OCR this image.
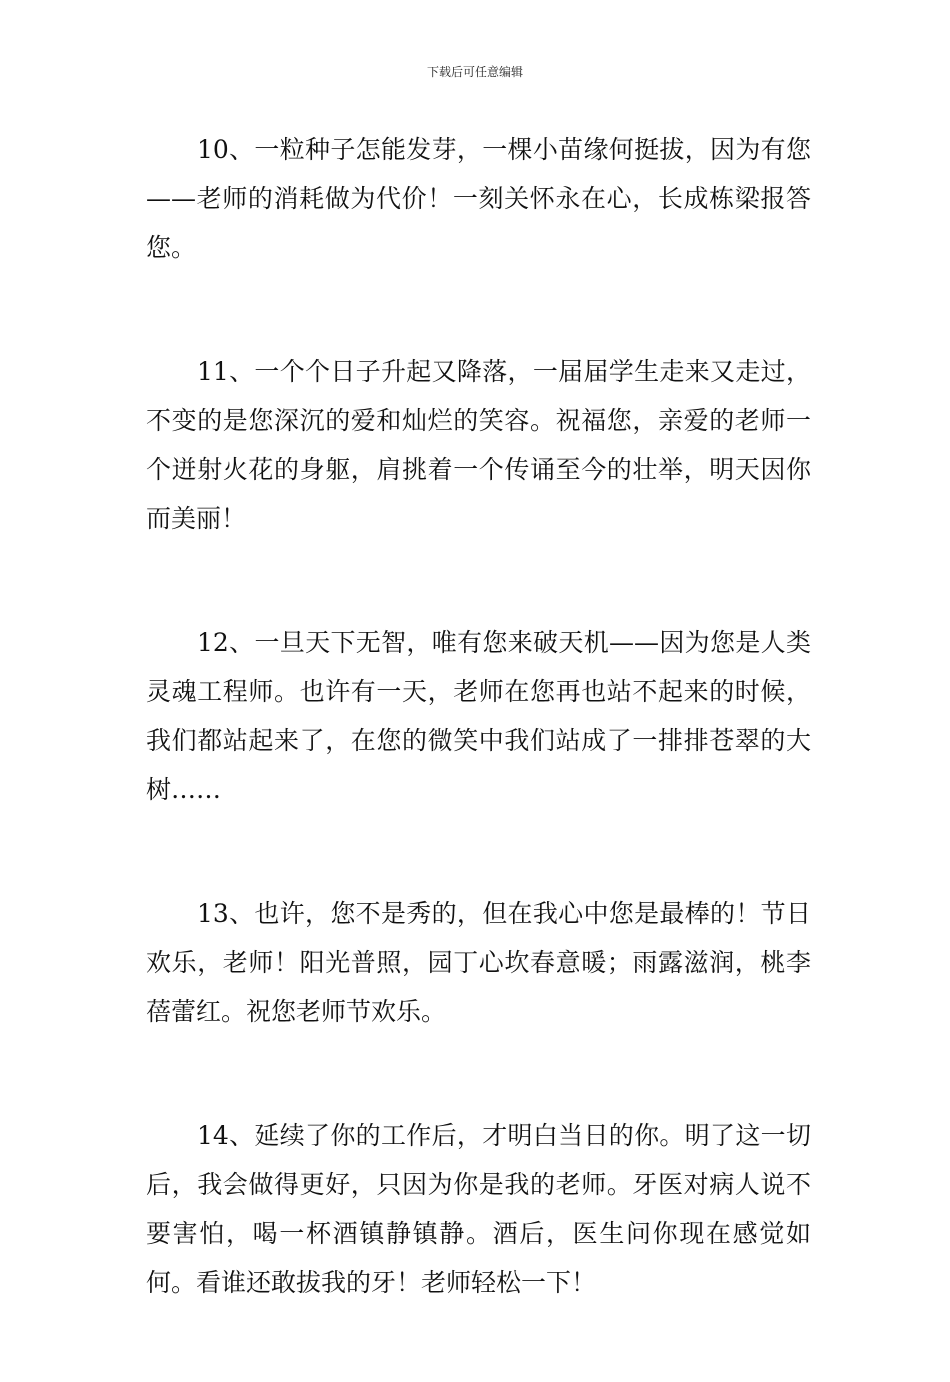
下载后可任意编辑

10、一粒种子怎能发芽，一棵小苗缘何挺拔，因为有您——老师的消耗做为代价！一刻关怀永在心，长成栋梁报答您。

11、一个个日子升起又降落，一届届学生走来又走过，不变的是您深沉的爱和灿烂的笑容。祝福您，亲爱的老师一个迸射火花的身躯，肩挑着一个传诵至今的壮举，明天因你而美丽！

12、一旦天下无智，唯有您来破天机——因为您是人类灵魂工程师。也许有一天，老师在您再也站不起来的时候，我们都站起来了，在您的微笑中我们站成了一排排苍翠的大树……

13、也许，您不是秀的，但在我心中您是最棒的！节日欢乐，老师！阳光普照，园丁心坎春意暖；雨露滋润，桃李蓓蕾红。祝您老师节欢乐。

14、延续了你的工作后，才明白当日的你。明了这一切后，我会做得更好，只因为你是我的老师。牙医对病人说不要害怕，喝一杯酒镇静镇静。酒后，医生问你现在感觉如何。看谁还敢拔我的牙！老师轻松一下！
